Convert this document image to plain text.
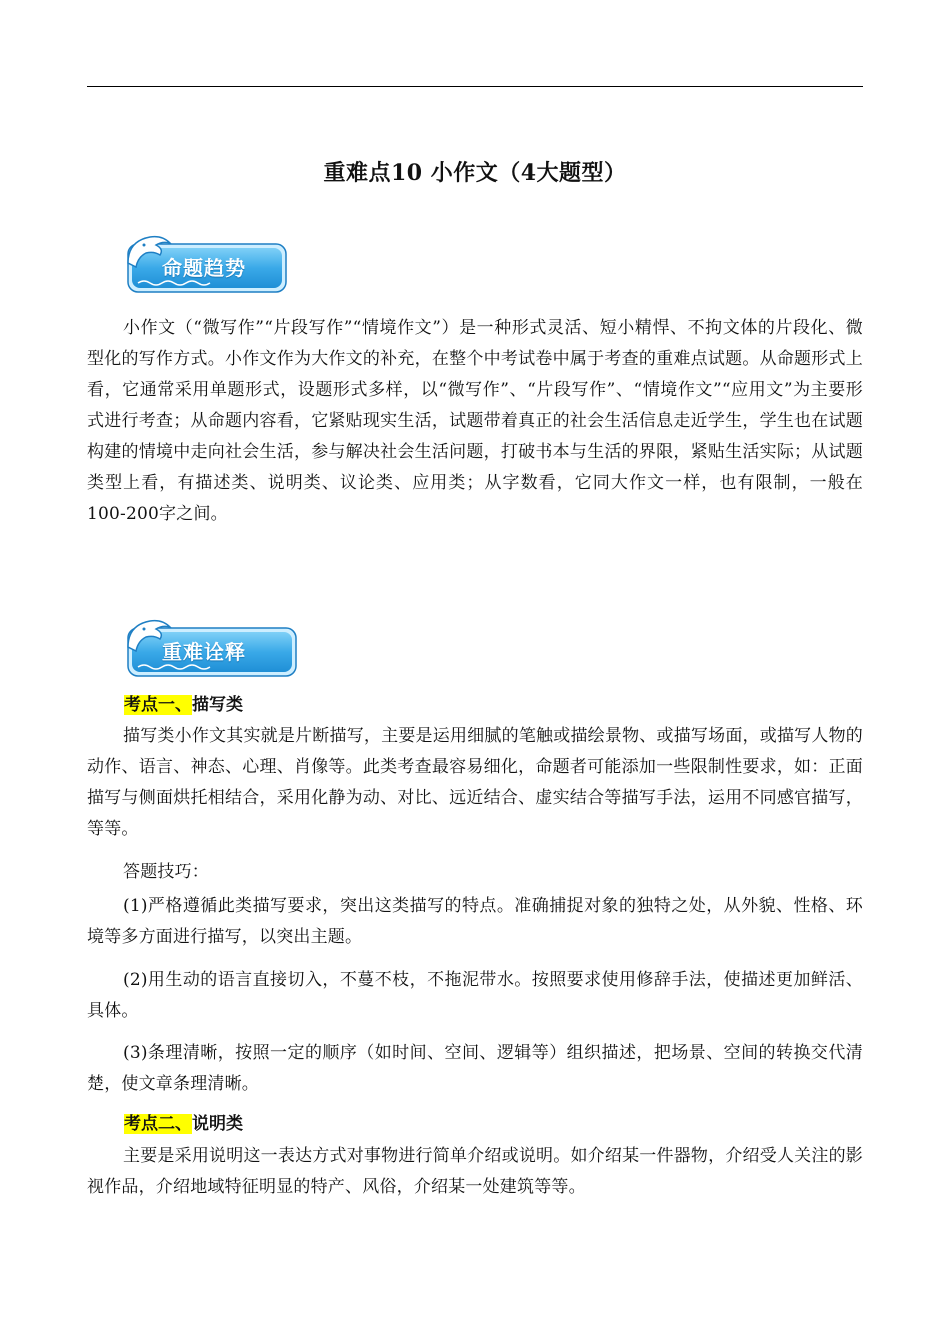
重难点10 小作文（4大题型）
命题趋势
小作文（“微写作”“片段写作”“情境作文”）是一种形式灵活、短小精悍、不拘文体的片段化、微型化的写作方式。小作文作为大作文的补充，在整个中考试卷中属于考查的重难点试题。从命题形式上看，它通常采用单题形式，设题形式多样，以“微写作”、“片段写作”、“情境作文”“应用文”为主要形式进行考查；从命题内容看，它紧贴现实生活，试题带着真正的社会生活信息走近学生，学生也在试题构建的情境中走向社会生活，参与解决社会生活问题，打破书本与生活的界限，紧贴生活实际；从试题类型上看，有描述类、说明类、议论类、应用类；从字数看，它同大作文一样，也有限制，一般在100-200字之间。
重难诠释
考点一、描写类
描写类小作文其实就是片断描写，主要是运用细腻的笔触或描绘景物、或描写场面，或描写人物的动作、语言、神态、心理、肖像等。此类考查最容易细化，命题者可能添加一些限制性要求，如：正面描写与侧面烘托相结合，采用化静为动、对比、远近结合、虚实结合等描写手法，运用不同感官描写，等等。
答题技巧：
(1)严格遵循此类描写要求，突出这类描写的特点。准确捕捉对象的独特之处，从外貌、性格、环境等多方面进行描写，以突出主题。
(2)用生动的语言直接切入，不蔓不枝，不拖泥带水。按照要求使用修辞手法，使描述更加鲜活、具体。
(3)条理清晰，按照一定的顺序（如时间、空间、逻辑等）组织描述，把场景、空间的转换交代清楚，使文章条理清晰。
考点二、说明类
主要是采用说明这一表达方式对事物进行简单介绍或说明。如介绍某一件器物，介绍受人关注的影视作品，介绍地域特征明显的特产、风俗，介绍某一处建筑等等。
